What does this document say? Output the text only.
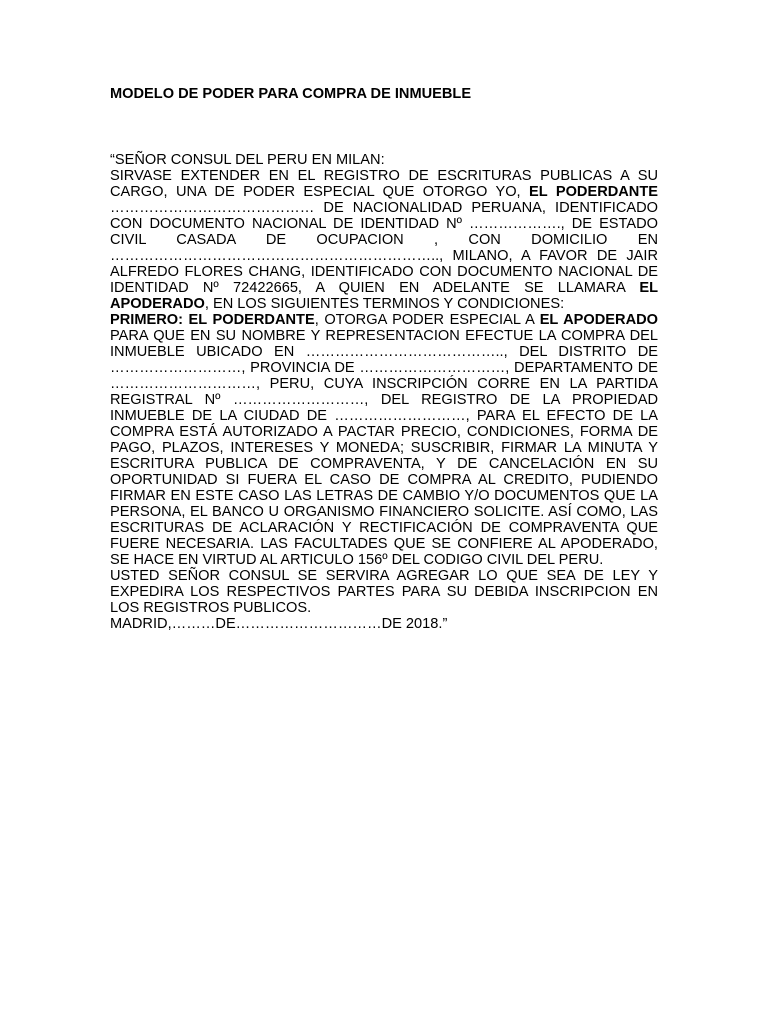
MODELO DE PODER PARA COMPRA DE INMUEBLE

“SEÑOR CONSUL DEL PERU EN MILAN:

SIRVASE EXTENDER EN EL REGISTRO DE ESCRITURAS PUBLICAS A SU CARGO, UNA DE PODER ESPECIAL QUE OTORGO YO, EL PODERDANTE …………………………………… DE NACIONALIDAD PERUANA, IDENTIFICADO CON DOCUMENTO NACIONAL DE IDENTIDAD Nº ………………., DE ESTADO CIVIL CASADA DE OCUPACION , CON DOMICILIO EN ………………………………………………………….., MILANO, A FAVOR DE JAIR ALFREDO FLORES CHANG, IDENTIFICADO CON DOCUMENTO NACIONAL DE IDENTIDAD Nº 72422665, A QUIEN EN ADELANTE SE LLAMARA EL APODERADO, EN LOS SIGUIENTES TERMINOS Y CONDICIONES:

PRIMERO: EL PODERDANTE, OTORGA PODER ESPECIAL A EL APODERADO PARA QUE EN SU NOMBRE Y REPRESENTACION EFECTUE LA COMPRA DEL INMUEBLE UBICADO EN ………………………………….., DEL DISTRITO DE ………………………, PROVINCIA DE …………………………, DEPARTAMENTO DE …………………………, PERU, CUYA INSCRIPCIÓN CORRE EN LA PARTIDA REGISTRAL Nº ………………………, DEL REGISTRO DE LA PROPIEDAD INMUEBLE DE LA CIUDAD DE ………………………, PARA EL EFECTO DE LA COMPRA ESTÁ AUTORIZADO A PACTAR PRECIO, CONDICIONES, FORMA DE PAGO, PLAZOS, INTERESES Y MONEDA; SUSCRIBIR, FIRMAR LA MINUTA Y ESCRITURA PUBLICA DE COMPRAVENTA, Y DE CANCELACIÓN EN SU OPORTUNIDAD SI FUERA EL CASO DE COMPRA AL CREDITO, PUDIENDO FIRMAR EN ESTE CASO LAS LETRAS DE CAMBIO Y/O DOCUMENTOS QUE LA PERSONA, EL BANCO U ORGANISMO FINANCIERO SOLICITE. ASÍ COMO, LAS ESCRITURAS DE ACLARACIÓN Y RECTIFICACIÓN DE COMPRAVENTA QUE FUERE NECESARIA. LAS FACULTADES QUE SE CONFIERE AL APODERADO, SE HACE EN VIRTUD AL ARTICULO 156º DEL CODIGO CIVIL DEL PERU.

USTED SEÑOR CONSUL SE SERVIRA AGREGAR LO QUE SEA DE LEY Y EXPEDIRA LOS RESPECTIVOS PARTES PARA SU DEBIDA INSCRIPCION EN LOS REGISTROS PUBLICOS.

MADRID,………DE…………………………DE 2018.”
